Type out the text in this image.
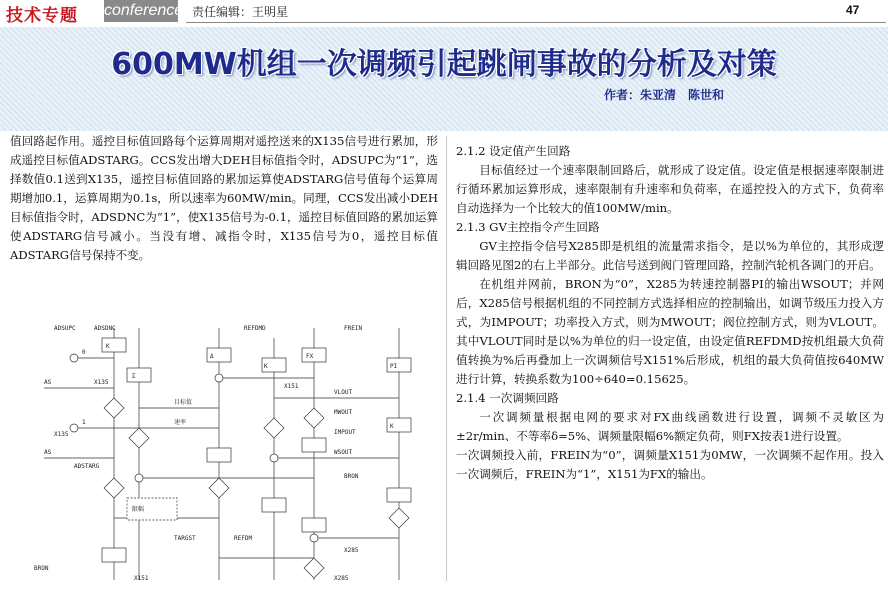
技术专题 conference 责任编辑：王明星	47
600MW机组一次调频引起跳闸事故的分析及对策
作者：朱亚清 陈世和

值回路起作用。遥控目标值回路每个运算周期对遥控送来的X135信号进行累加，形成遥控目标值ADSTARG。CCS发出增大DEH目标值指令时，ADSUPC为“1”，选择数值0.1送到X135，遥控目标值回路的累加运算使ADSTARG信号值每个运算周期增加0.1，运算周期为0.1s，所以速率为60MW/min。同理，CCS发出减小DEH目标值指令时，ADSDNC为“1”，使X135信号为-0.1，遥控目标值回路的累加运算使ADSTARG信号减小。当没有增、减指令时，X135信号为0，遥控目标值ADSTARG信号保持不变。

ADSUPC	ADSDNC
K
Σ
AS
AS
X135
X135
0
1
ADSTARG
Δ
目标值
速率
REFDMD
K
X151
FX
FREIN
PI
VLOUT
MWOUT
IMPOUT
WSOUT
BRON
K
X285
限幅
TARGST	REFDM
BRON
X151	X285
2.1.2 设定值产生回路

目标值经过一个速率限制回路后，就形成了设定值。设定值是根据速率限制进行循环累加运算形成，速率限制有升速率和负荷率，在遥控投入的方式下，负荷率自动选择为一个比较大的值100MW/min。

2.1.3 GV主控指令产生回路

GV主控指令信号X285即是机组的流量需求指令，是以%为单位的，其形成逻辑回路见图2的右上半部分。此信号送到阀门管理回路，控制汽轮机各调门的开启。

在机组并网前，BRON为“0”，X285为转速控制器PI的输出WSOUT；并网后，X285信号根据机组的不同控制方式选择相应的控制输出，如调节级压力投入方式，为IMPOUT；功率投入方式，则为MWOUT；阀位控制方式，则为VLOUT。其中VLOUT同时是以%为单位的归一设定值，由设定值REFDMD按机组最大负荷值转换为%后再叠加上一次调频信号X151%后形成，机组的最大负荷值按640MW进行计算，转换系数为100÷640=0.15625。

2.1.4 一次调频回路

一次调频量根据电网的要求对FX曲线函数进行设置，调频不灵敏区为±2r/min、不等率δ=5%、调频量限幅6%额定负荷，则FX按表1进行设置。

一次调频投入前，FREIN为“0”，调频量X151为0MW，一次调频不起作用。投入一次调频后，FREIN为“1”，X151为FX的输出。
